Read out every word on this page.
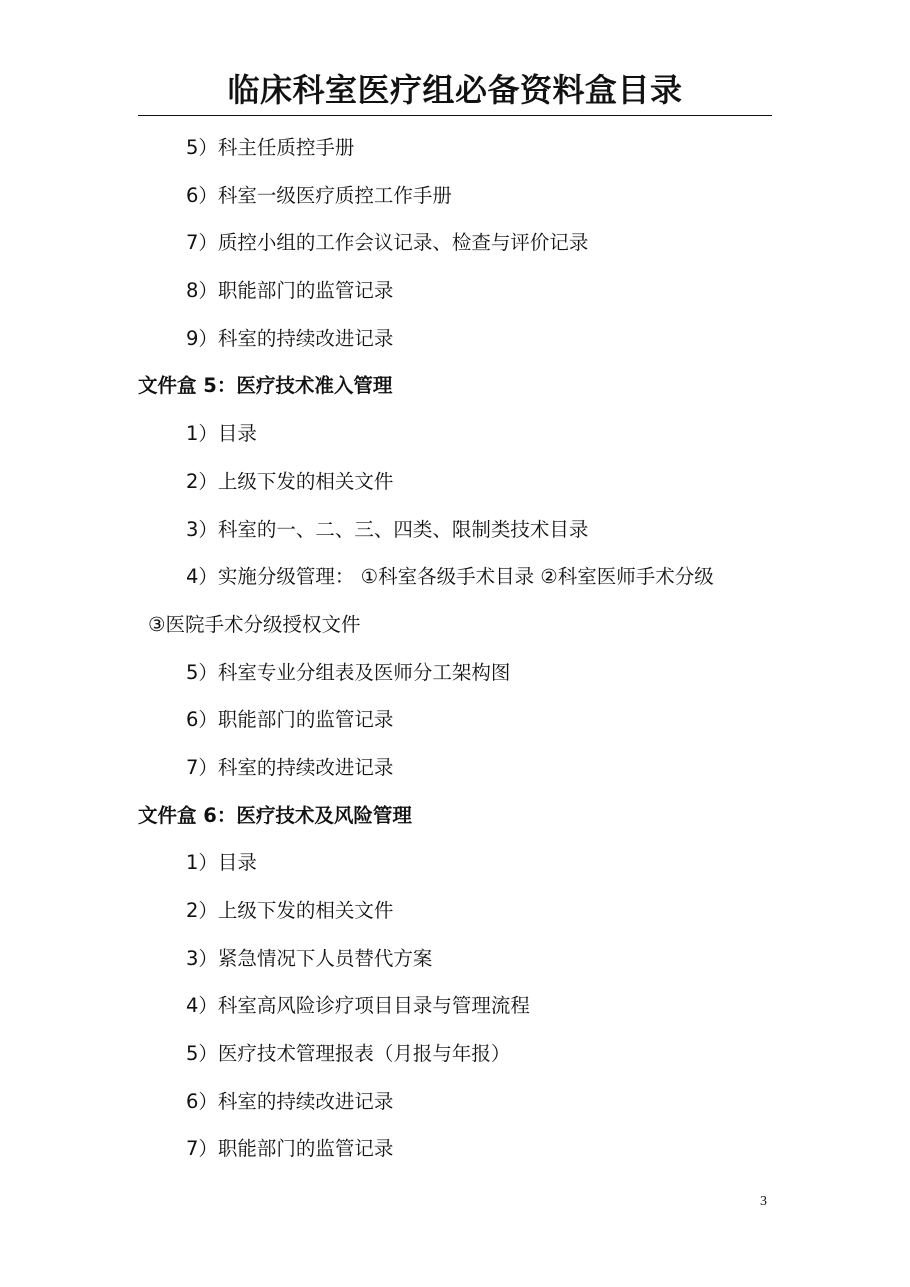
临床科室医疗组必备资料盒目录
5）科主任质控手册
6）科室一级医疗质控工作手册
7）质控小组的工作会议记录、检查与评价记录
8）职能部门的监管记录
9）科室的持续改进记录
文件盒 5：医疗技术准入管理
1）目录
2）上级下发的相关文件
3）科室的一、二、三、四类、限制类技术目录
4）实施分级管理： ①科室各级手术目录 ②科室医师手术分级
③医院手术分级授权文件
5）科室专业分组表及医师分工架构图
6）职能部门的监管记录
7）科室的持续改进记录
文件盒 6：医疗技术及风险管理
1）目录
2）上级下发的相关文件
3）紧急情况下人员替代方案
4）科室高风险诊疗项目目录与管理流程
5）医疗技术管理报表（月报与年报）
6）科室的持续改进记录
7）职能部门的监管记录
3
